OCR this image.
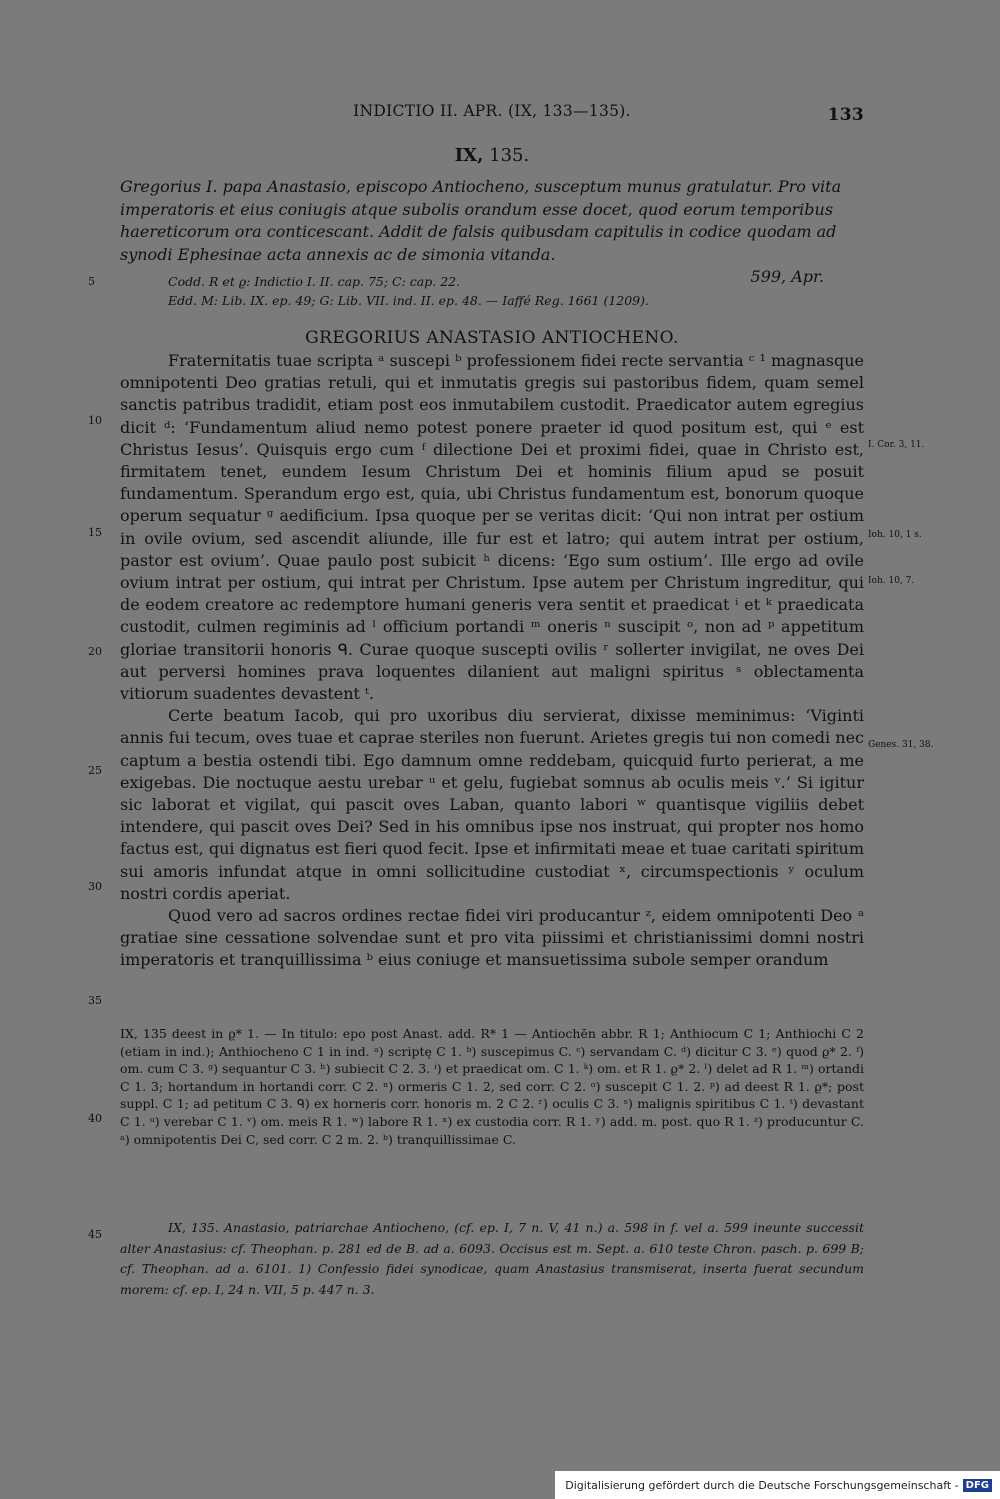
INDICTIO II. APR. (IX, 133—135).	133
IX, 135.
Gregorius I. papa Anastasio, episcopo Antiocheno, susceptum munus gratulatur. Pro vita imperatoris et eius coniugis atque subolis orandum esse docet, quod eorum temporibus haereticorum ora conticescant. Addit de falsis quibusdam capitulis in codice quodam ad synodi Ephesinae acta annexis ac de simonia vitanda.
599, Apr.
Codd. R et ϱ: Indictio I. II. cap. 75; C: cap. 22.
Edd. M: Lib. IX. ep. 49; G: Lib. VII. ind. II. ep. 48. — Iaffé Reg. 1661 (1209).
5
10
15
20
25
30
35
40
45
GREGORIUS ANASTASIO ANTIOCHENO.

Fraternitatis tuae scripta ᵃ suscepi ᵇ professionem fidei recte servantia ᶜ ¹ magnasque omnipotenti Deo gratias retuli, qui et inmutatis gregis sui pastoribus fidem, quam semel sanctis patribus tradidit, etiam post eos inmutabilem custodit. Praedicator autem egregius dicit ᵈ: ‘Fundamentum aliud nemo potest ponere praeter id quod positum est, qui ᵉ est Christus Iesus’. Quisquis ergo cum ᶠ dilectione Dei et proximi fidei, quae in Christo est, firmitatem tenet, eundem Iesum Christum Dei et hominis filium apud se posuit fundamentum. Sperandum ergo est, quia, ubi Christus fundamentum est, bonorum quoque operum sequatur ᵍ aedificium. Ipsa quoque per se veritas dicit: ‘Qui non intrat per ostium in ovile ovium, sed ascendit aliunde, ille fur est et latro; qui autem intrat per ostium, pastor est ovium’. Quae paulo post subicit ʰ dicens: ‘Ego sum ostium’. Ille ergo ad ovile ovium intrat per ostium, qui intrat per Christum. Ipse autem per Christum ingreditur, qui de eodem creatore ac redemptore humani generis vera sentit et praedicat ⁱ et ᵏ praedicata custodit, culmen regiminis ad ˡ officium portandi ᵐ oneris ⁿ suscipit ᵒ, non ad ᵖ appetitum gloriae transitorii honoris ᑫ. Curae quoque suscepti ovilis ʳ sollerter invigilat, ne oves Dei aut perversi homines prava loquentes dilanient aut maligni spiritus ˢ oblectamenta vitiorum suadentes devastent ᵗ.

Certe beatum Iacob, qui pro uxoribus diu servierat, dixisse meminimus: ‘Viginti annis fui tecum, oves tuae et caprae steriles non fuerunt. Arietes gregis tui non comedi nec captum a bestia ostendi tibi. Ego damnum omne reddebam, quicquid furto perierat, a me exigebas. Die noctuque aestu urebar ᵘ et gelu, fugiebat somnus ab oculis meis ᵛ.’ Si igitur sic laborat et vigilat, qui pascit oves Laban, quanto labori ʷ quantisque vigiliis debet intendere, qui pascit oves Dei? Sed in his omnibus ipse nos instruat, qui propter nos homo factus est, qui dignatus est fieri quod fecit. Ipse et infirmitati meae et tuae caritati spiritum sui amoris infundat atque in omni sollicitudine custodiat ˣ, circumspectionis ʸ oculum nostri cordis aperiat.

Quod vero ad sacros ordines rectae fidei viri producantur ᶻ, eidem omnipotenti Deo ᵃ gratiae sine cessatione solvendae sunt et pro vita piissimi et christianissimi domni nostri imperatoris et tranquillissima ᵇ eius coniuge et mansuetissima subole semper orandum

I. Cor. 3, 11.
Ioh. 10, 1 s.
Ioh. 10, 7.
Genes. 31, 38.
IX, 135 deest in ϱ* 1. — In titulo: epo post Anast. add. R* 1 — Antiochēn abbr. R 1; Anthiocum C 1; Anthiochi C 2 (etiam in ind.); Anthiocheno C 1 in ind. ᵃ) scriptę C 1. ᵇ) suscepimus C. ᶜ) servandam C. ᵈ) dicitur C 3. ᵉ) quod ϱ* 2. ᶠ) om. cum C 3. ᵍ) sequantur C 3. ʰ) subiecit C 2. 3. ⁱ) et praedicat om. C 1. ᵏ) om. et R 1. ϱ* 2. ˡ) delet ad R 1. ᵐ) ortandi C 1. 3; hortandum in hortandi corr. C 2. ⁿ) ormeris C 1. 2, sed corr. C 2. ᵒ) suscepit C 1. 2. ᵖ) ad deest R 1. ϱ*; post suppl. C 1; ad petitum C 3. ᑫ) ex horneris corr. honoris m. 2 C 2. ʳ) oculis C 3. ˢ) malignis spiritibus C 1. ᵗ) devastant C 1. ᵘ) verebar C 1. ᵛ) om. meis R 1. ʷ) labore R 1. ˣ) ex custodia corr. R 1. ʸ) add. m. post. quo R 1. ᶻ) producuntur C. ᵃ) omnipotentis Dei C, sed corr. C 2 m. 2. ᵇ) tranquillissimae C.
IX, 135. Anastasio, patriarchae Antiocheno, (cf. ep. I, 7 n. V, 41 n.) a. 598 in f. vel a. 599 ineunte successit alter Anastasius: cf. Theophan. p. 281 ed de B. ad a. 6093. Occisus est m. Sept. a. 610 teste Chron. pasch. p. 699 B; cf. Theophan. ad a. 6101. 1) Confessio fidei synodicae, quam Anastasius transmiserat, inserta fuerat secundum morem: cf. ep. I, 24 n. VII, 5 p. 447 n. 3.
Digitalisierung gefördert durch die Deutsche Forschungsgemeinschaft - DFG
